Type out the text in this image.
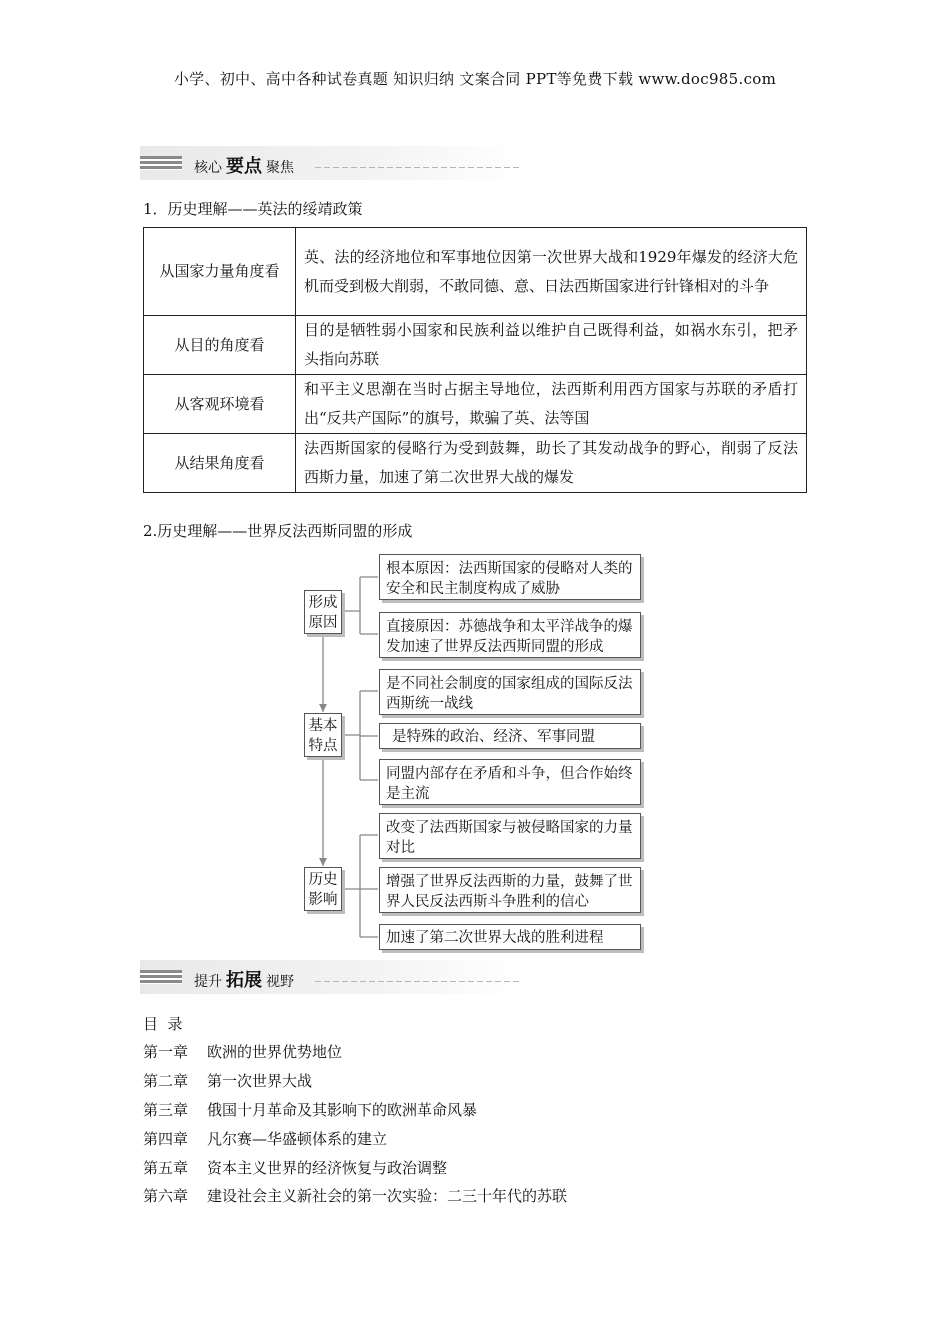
小学、初中、高中各种试卷真题 知识归纳 文案合同 PPT等免费下载 www.doc985.com
核心 要点 聚焦
1．历史理解——英法的绥靖政策
从国家力量角度看	英、法的经济地位和军事地位因第一次世界大战和1929年爆发的经济大危机而受到极大削弱，不敢同德、意、日法西斯国家进行针锋相对的斗争
从目的角度看	目的是牺牲弱小国家和民族利益以维护自己既得利益，如祸水东引，把矛头指向苏联
从客观环境看	和平主义思潮在当时占据主导地位，法西斯利用西方国家与苏联的矛盾打出“反共产国际”的旗号，欺骗了英、法等国
从结果角度看	法西斯国家的侵略行为受到鼓舞，助长了其发动战争的野心，削弱了反法西斯力量，加速了第二次世界大战的爆发
2.历史理解——世界反法西斯同盟的形成
形成原因
基本特点
历史影响
根本原因：法西斯国家的侵略对人类的安全和民主制度构成了威胁
直接原因：苏德战争和太平洋战争的爆发加速了世界反法西斯同盟的形成
是不同社会制度的国家组成的国际反法西斯统一战线
是特殊的政治、经济、军事同盟
同盟内部存在矛盾和斗争，但合作始终是主流
改变了法西斯国家与被侵略国家的力量对比
增强了世界反法西斯的力量，鼓舞了世界人民反法西斯斗争胜利的信心
加速了第二次世界大战的胜利进程
提升 拓展 视野
目  录
第一章 欧洲的世界优势地位
第二章 第一次世界大战
第三章 俄国十月革命及其影响下的欧洲革命风暴
第四章 凡尔赛—华盛顿体系的建立
第五章 资本主义世界的经济恢复与政治调整
第六章 建设社会主义新社会的第一次实验：二三十年代的苏联
